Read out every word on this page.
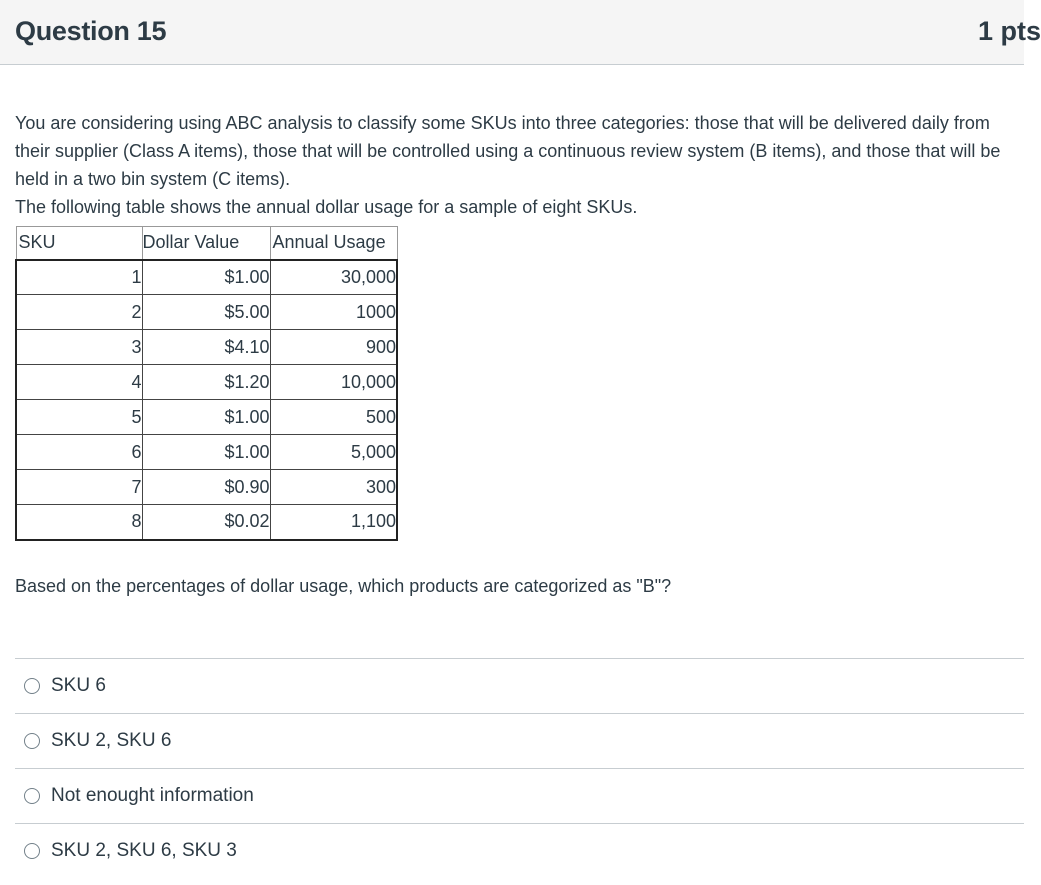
Question 15	1 pts

You are considering using ABC analysis to classify some SKUs into three categories: those that will be delivered daily from their supplier (Class A items), those that will be controlled using a continuous review system (B items), and those that will be held in a two bin system (C items).

The following table shows the annual dollar usage for a sample of eight SKUs.

SKU	Dollar Value	Annual Usage
1	$1.00	30,000
2	$5.00	1000
3	$4.10	900
4	$1.20	10,000
5	$1.00	500
6	$1.00	5,000
7	$0.90	300
8	$0.02	1,100
Based on the percentages of dollar usage, which products are categorized as "B"?
SKU 6
SKU 2, SKU 6
Not enought information
SKU 2, SKU 6, SKU 3
